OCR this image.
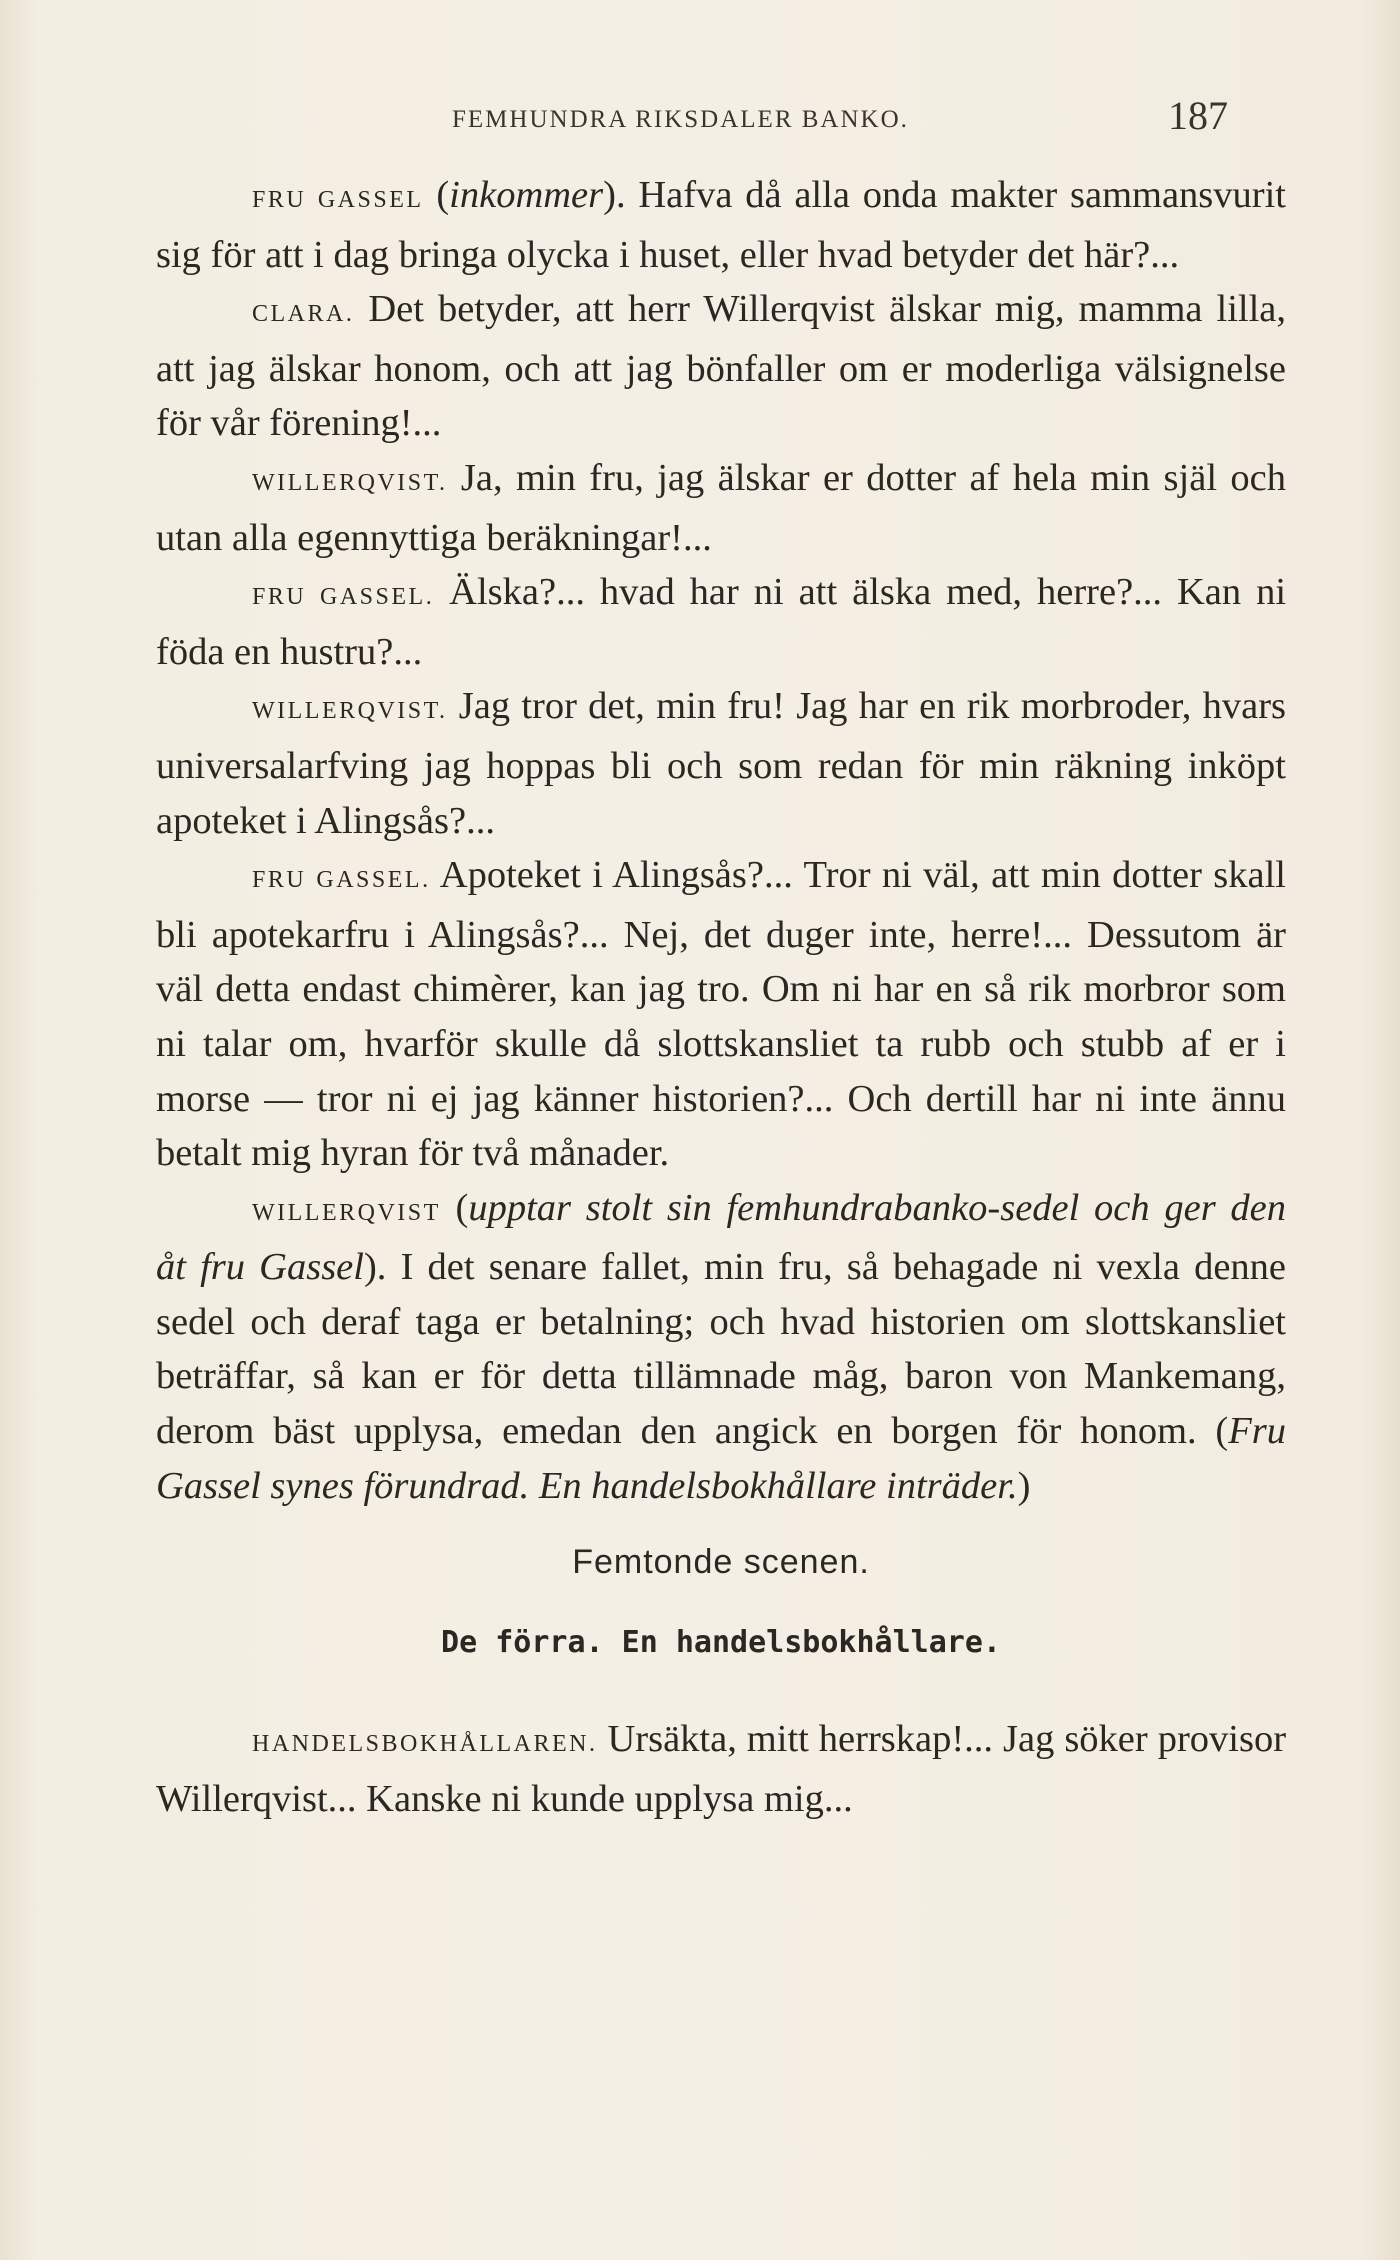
FEMHUNDRA RIKSDALER BANKO.	187

FRU GASSEL (inkommer). Hafva då alla onda makter sammansvurit sig för att i dag bringa olycka i huset, eller hvad betyder det här?...

CLARA. Det betyder, att herr Willerqvist älskar mig, mamma lilla, att jag älskar honom, och att jag bönfaller om er moderliga välsignelse för vår förening!...

WILLERQVIST. Ja, min fru, jag älskar er dotter af hela min själ och utan alla egennyttiga beräkningar!...

FRU GASSEL. Älska?... hvad har ni att älska med, herre?... Kan ni föda en hustru?...

WILLERQVIST. Jag tror det, min fru! Jag har en rik morbroder, hvars universalarfving jag hoppas bli och som redan för min räkning inköpt apoteket i Alingsås?...

FRU GASSEL. Apoteket i Alingsås?... Tror ni väl, att min dotter skall bli apotekarfru i Alingsås?... Nej, det duger inte, herre!... Dessutom är väl detta endast chimèrer, kan jag tro. Om ni har en så rik morbror som ni talar om, hvarför skulle då slottskansliet ta rubb och stubb af er i morse — tror ni ej jag känner historien?... Och dertill har ni inte ännu betalt mig hyran för två månader.

WILLERQVIST (upptar stolt sin femhundrabanko-sedel och ger den åt fru Gassel). I det senare fallet, min fru, så behagade ni vexla denne sedel och deraf taga er betalning; och hvad historien om slottskansliet beträffar, så kan er för detta tillämnade måg, baron von Mankemang, derom bäst upplysa, emedan den angick en borgen för honom. (Fru Gassel synes förundrad. En handelsbokhållare inträder.)

Femtonde scenen.

De förra. En handelsbokhållare.

HANDELSBOKHÅLLAREN. Ursäkta, mitt herrskap!... Jag söker provisor Willerqvist... Kanske ni kunde upplysa mig...
